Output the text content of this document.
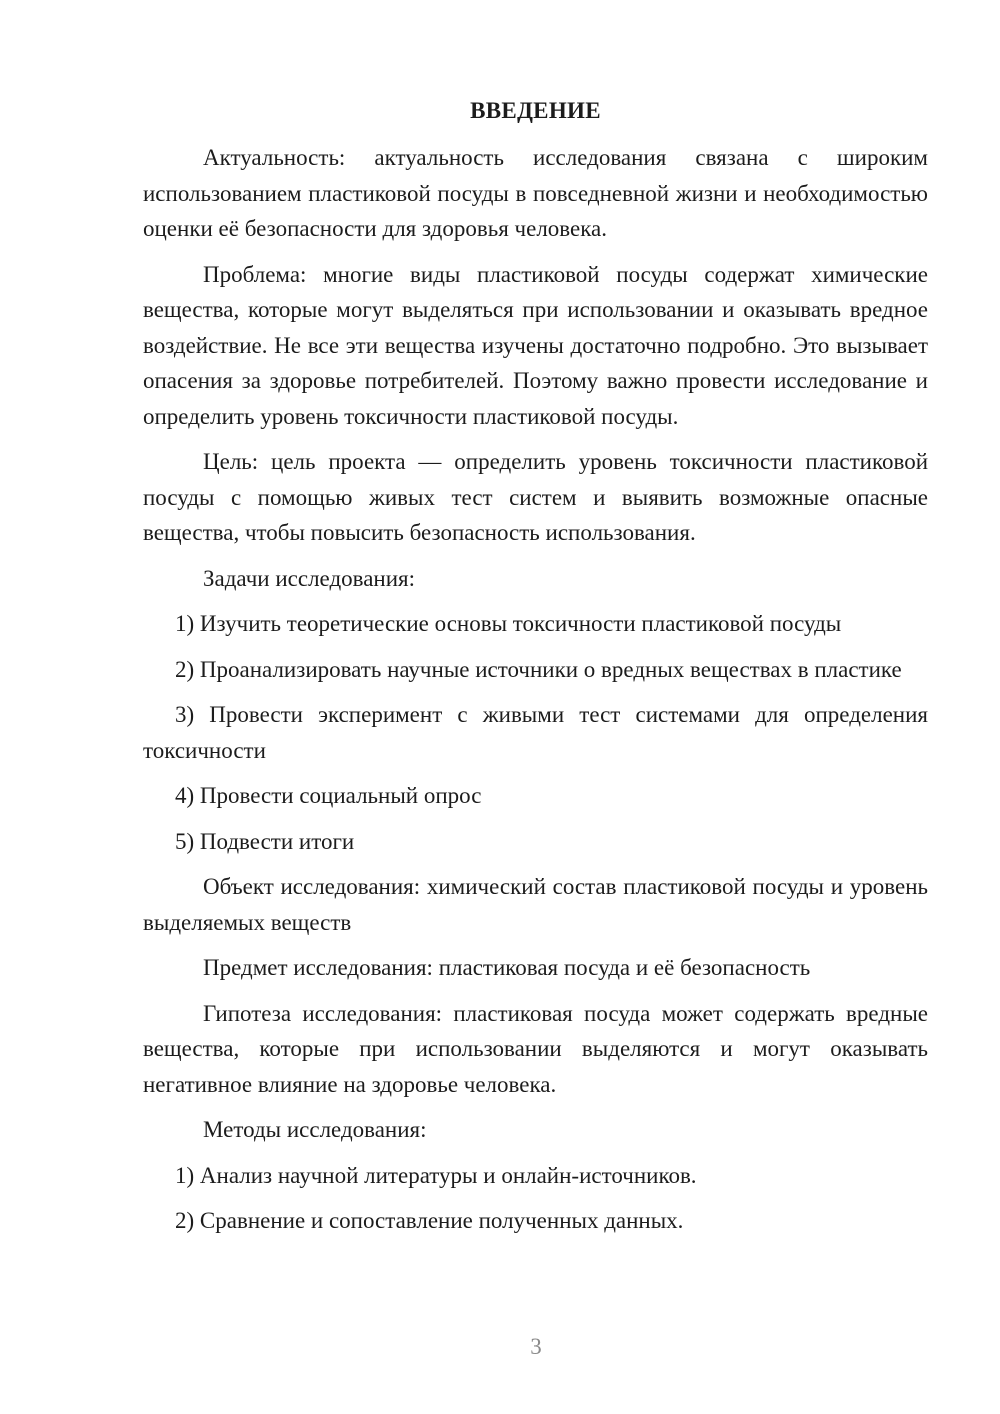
ВВЕДЕНИЕ

Актуальность: актуальность исследования связана с широким использованием пластиковой посуды в повседневной жизни и необходимостью оценки её безопасности для здоровья человека.

Проблема: многие виды пластиковой посуды содержат химические вещества, которые могут выделяться при использовании и оказывать вредное воздействие. Не все эти вещества изучены достаточно подробно. Это вызывает опасения за здоровье потребителей. Поэтому важно провести исследование и определить уровень токсичности пластиковой посуды.

Цель: цель проекта — определить уровень токсичности пластиковой посуды с помощью живых тест систем и выявить возможные опасные вещества, чтобы повысить безопасность использования.

Задачи исследования:

1) Изучить теоретические основы токсичности пластиковой посуды

2) Проанализировать научные источники о вредных веществах в пластике

3) Провести эксперимент с живыми тест системами для определения токсичности

4) Провести социальный опрос

5) Подвести итоги

Объект исследования: химический состав пластиковой посуды и уровень выделяемых веществ

Предмет исследования: пластиковая посуда и её безопасность

Гипотеза исследования: пластиковая посуда может содержать вредные вещества, которые при использовании выделяются и могут оказывать негативное влияние на здоровье человека.

Методы исследования:

1) Анализ научной литературы и онлайн-источников.

2) Сравнение и сопоставление полученных данных.

3
